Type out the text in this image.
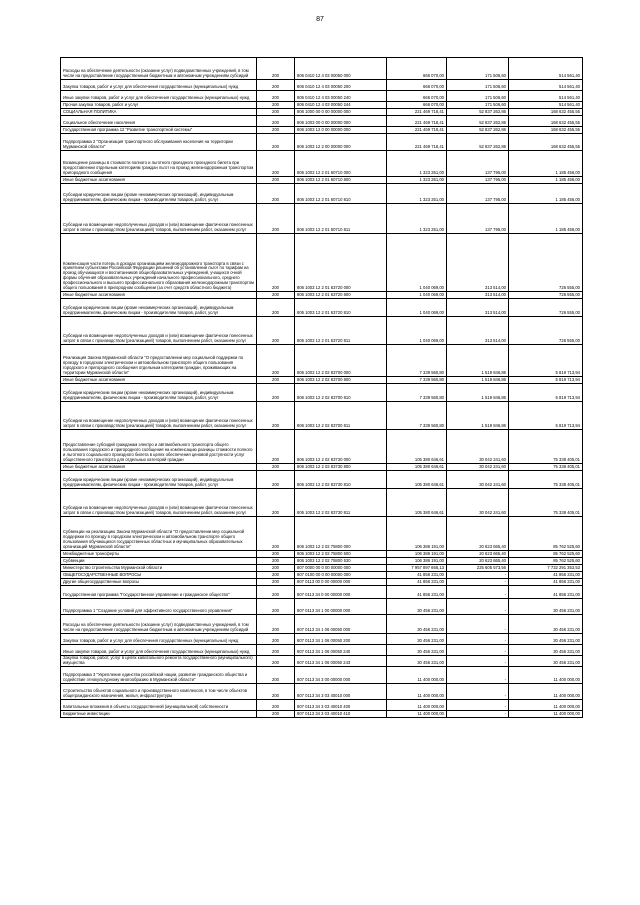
87
Расходы на обеспечение деятельности (оказание услуг) подведомственных учреждений, в том числе на предоставление государственным бюджетным и автономным учреждениям субсидий	200	806 0410 12 4 03 00050 000	666 070,00	171 506,60	514 561,40
Закупка товаров, работ и услуг для обеспечения государственных (муниципальных) нужд	200	806 0410 12 4 03 00050 200	666 070,00	171 506,60	514 561,40
Иные закупки товаров, работ и услуг для обеспечения государственных (муниципальных) нужд	200	806 0410 12 4 03 00050 240	666 070,00	171 506,60	514 561,40
Прочая закупка товаров, работ и услуг	200	806 0410 12 4 03 00050 244	666 070,00	171 506,60	514 561,40
СОЦИАЛЬНАЯ ПОЛИТИКА	200	806 1000 00 0 00 00000 000	221 469 718,41	52 837 262,86	168 632 455,55
Социальное обеспечение населения	200	806 1003 00 0 00 00000 000	221 469 718,41	52 837 262,86	168 632 455,55
Государственная программа 12 "Развитие транспортной системы"	200	806 1003 12 0 00 00000 000	221 469 718,41	52 837 262,86	168 632 455,55
Подпрограмма 2 "Организация транспортного обслуживания населения на территории Мурманской области"	200	806 1003 12 2 00 00000 000	221 469 718,41	52 837 262,86	168 632 455,55
Возмещение разницы в стоимости полного и льготного проездного проездного билета при предоставлении отдельным категориям граждан льгот на проезд железнодорожным транспортом пригородного сообщения	200	806 1003 12 2 01 60710 000	1 323 251,00	137 795,00	1 185 456,00
Иные бюджетные ассигнования	200	806 1003 12 2 01 60710 800	1 323 251,00	137 795,00	1 185 456,00
Субсидии юридическим лицам (кроме некоммерческих организаций), индивидуальным предпринимателям, физическим лицам - производителям товаров, работ, услуг	200	806 1003 12 2 01 60710 810	1 323 251,00	137 795,00	1 185 456,00
Субсидии на возмещение недополученных доходов и (или) возмещение фактически понесенных затрат в связи с производством (реализацией) товаров, выполнением работ, оказанием услуг	200	806 1003 12 2 01 60710 811	1 323 251,00	137 795,00	1 185 456,00
Компенсация части потерь в доходах организациям железнодорожного транспорта в связи с принятием субъектами Российской Федерации решений об установлении льгот по тарифам на проезд обучающихся и воспитанников общеобразовательных учреждений, учащихся очной формы обучения образовательных учреждений начального профессионального, среднего профессионального и высшего профессионального образования железнодорожным транспортом общего пользования в пригородном сообщении (за счет средств областного бюджета)	200	806 1003 12 2 01 63720 000	1 040 069,00	313 514,00	726 555,00
Иные бюджетные ассигнования	200	806 1003 12 2 01 63720 800	1 040 069,00	313 514,00	726 555,00
Субсидии юридическим лицам (кроме некоммерческих организаций), индивидуальным предпринимателям, физическим лицам - производителям товаров, работ, услуг	200	806 1003 12 2 01 63720 810	1 040 069,00	313 514,00	726 555,00
Субсидии на возмещение недополученных доходов и (или) возмещение фактически понесенных затрат в связи с производством (реализацией) товаров, выполнением работ, оказанием услуг	200	806 1003 12 2 01 63720 811	1 040 069,00	313 514,00	726 555,00
Реализация Закона Мурманской области "О предоставлении мер социальной поддержки по проезду в городском электрическом и автомобильном транспорте общего пользования городского и пригородного сообщения отдельным категориям граждан, проживающих на территории Мурманской области"	200	806 1003 12 2 02 83700 000	7 339 560,80	1 519 846,86	5 819 713,94
Иные бюджетные ассигнования	200	806 1003 12 2 02 83700 800	7 339 560,80	1 519 846,86	5 819 713,94
Субсидии юридическим лицам (кроме некоммерческих организаций), индивидуальным предпринимателям, физическим лицам - производителям товаров, работ, услуг	200	806 1003 12 2 02 83700 810	7 339 560,80	1 519 846,86	5 819 713,94
Субсидии на возмещение недополученных доходов и (или) возмещение фактически понесенных затрат в связи с производством (реализацией) товаров, выполнением работ, оказанием услуг	200	806 1003 12 2 02 83700 811	7 339 560,80	1 519 846,86	5 819 713,94
Предоставление субсидий гражданам электро и автомобильного транспорта общего пользования городского и пригородного сообщения на компенсацию разницы стоимости полного и льготного социального проездного билета в целях обеспечения ценовой доступности услуг общественного транспорта для отдельных категорий граждан	200	806 1003 12 2 02 83730 000	105 380 646,61	30 042 241,60	75 338 405,01
Иные бюджетные ассигнования	200	806 1003 12 2 02 83730 800	105 380 646,61	30 042 241,60	75 338 405,01
Субсидии юридическим лицам (кроме некоммерческих организаций), индивидуальным предпринимателям, физическим лицам - производителям товаров, работ, услуг	200	806 1003 12 2 02 83730 810	105 380 646,61	30 042 241,60	75 338 405,01
Субсидии на возмещение недополученных доходов и (или) возмещение фактически понесенных затрат в связи с производством (реализацией) товаров, выполнением работ, оказанием услуг	200	806 1003 12 2 02 83730 811	105 380 646,61	30 042 241,60	75 338 405,01
Субвенции на реализацию Закона Мурманской области "О предоставлении мер социальной поддержки по проезду в городском электрическом и автомобильном транспорте общего пользования обучающихся государственных областных и муниципальных образовательных организаций Мурманской области"	200	806 1003 12 2 02 75800 000	106 386 191,00	20 623 665,40	85 762 525,60
Межбюджетные трансферты	200	806 1003 12 2 02 75800 500	106 386 191,00	20 623 665,40	85 762 525,60
Субвенции	200	806 1003 12 2 02 75800 530	106 386 191,00	20 623 665,40	85 762 525,60
Министерство строительства Мурманской области	200	807 0000 00 0 00 00000 000	7 957 897 666,13	225 605 573,56	7 732 291 353,53
ОБЩЕГОСУДАРСТВЕННЫЕ ВОПРОСЫ	200	807 0100 00 0 00 00000 000	41 856 231,00	-	41 856 231,00
Другие общегосударственные вопросы	200	807 0113 00 0 00 00000 000	41 856 231,00	-	41 856 231,00
Государственная программа "Государственное управление и гражданское общество"	200	807 0113 34 0 00 00000 000	41 856 231,00	-	41 856 231,00
Подпрограмма 1 "Создание условий для эффективного государственного управления"	200	807 0113 34 1 00 00000 000	30 456 231,00	-	30 456 231,00
Расходы на обеспечение деятельности (оказание услуг) подведомственных учреждений, в том числе на предоставление государственным бюджетным и автономным учреждениям субсидий	200	807 0113 34 1 06 00050 000	30 456 231,00	-	30 456 231,00
Закупка товаров, работ и услуг для обеспечения государственных (муниципальных) нужд	200	807 0113 34 1 06 00050 200	30 456 231,00	-	30 456 231,00
Иные закупки товаров, работ и услуг для обеспечения государственных (муниципальных) нужд	200	807 0113 34 1 06 00050 240	30 456 231,00	-	30 456 231,00
Закупка товаров, работ, услуг в целях капитального ремонта государственного (муниципального) имущества	200	807 0113 34 1 06 00050 243	30 456 231,00	-	30 456 231,00
Подпрограмма 3 "Укрепление единства российской нации, развитие гражданского общества и содействие этнокультурному многообразию в Мурманской области"	200	807 0113 34 3 00 00000 000	11 400 000,00	-	11 400 000,00
Строительство объектов социального и производственного комплексов, в том числе объектов общегражданского назначения, жилья, инфраструктуры	200	807 0113 34 3 03 40010 000	11 400 000,00	-	11 400 000,00
Капитальные вложения в объекты государственной (муниципальной) собственности	200	807 0113 34 3 03 40010 400	11 400 000,00	-	11 400 000,00
Бюджетные инвестиции	200	807 0113 34 3 03 40010 410	11 400 000,00	-	11 400 000,00
